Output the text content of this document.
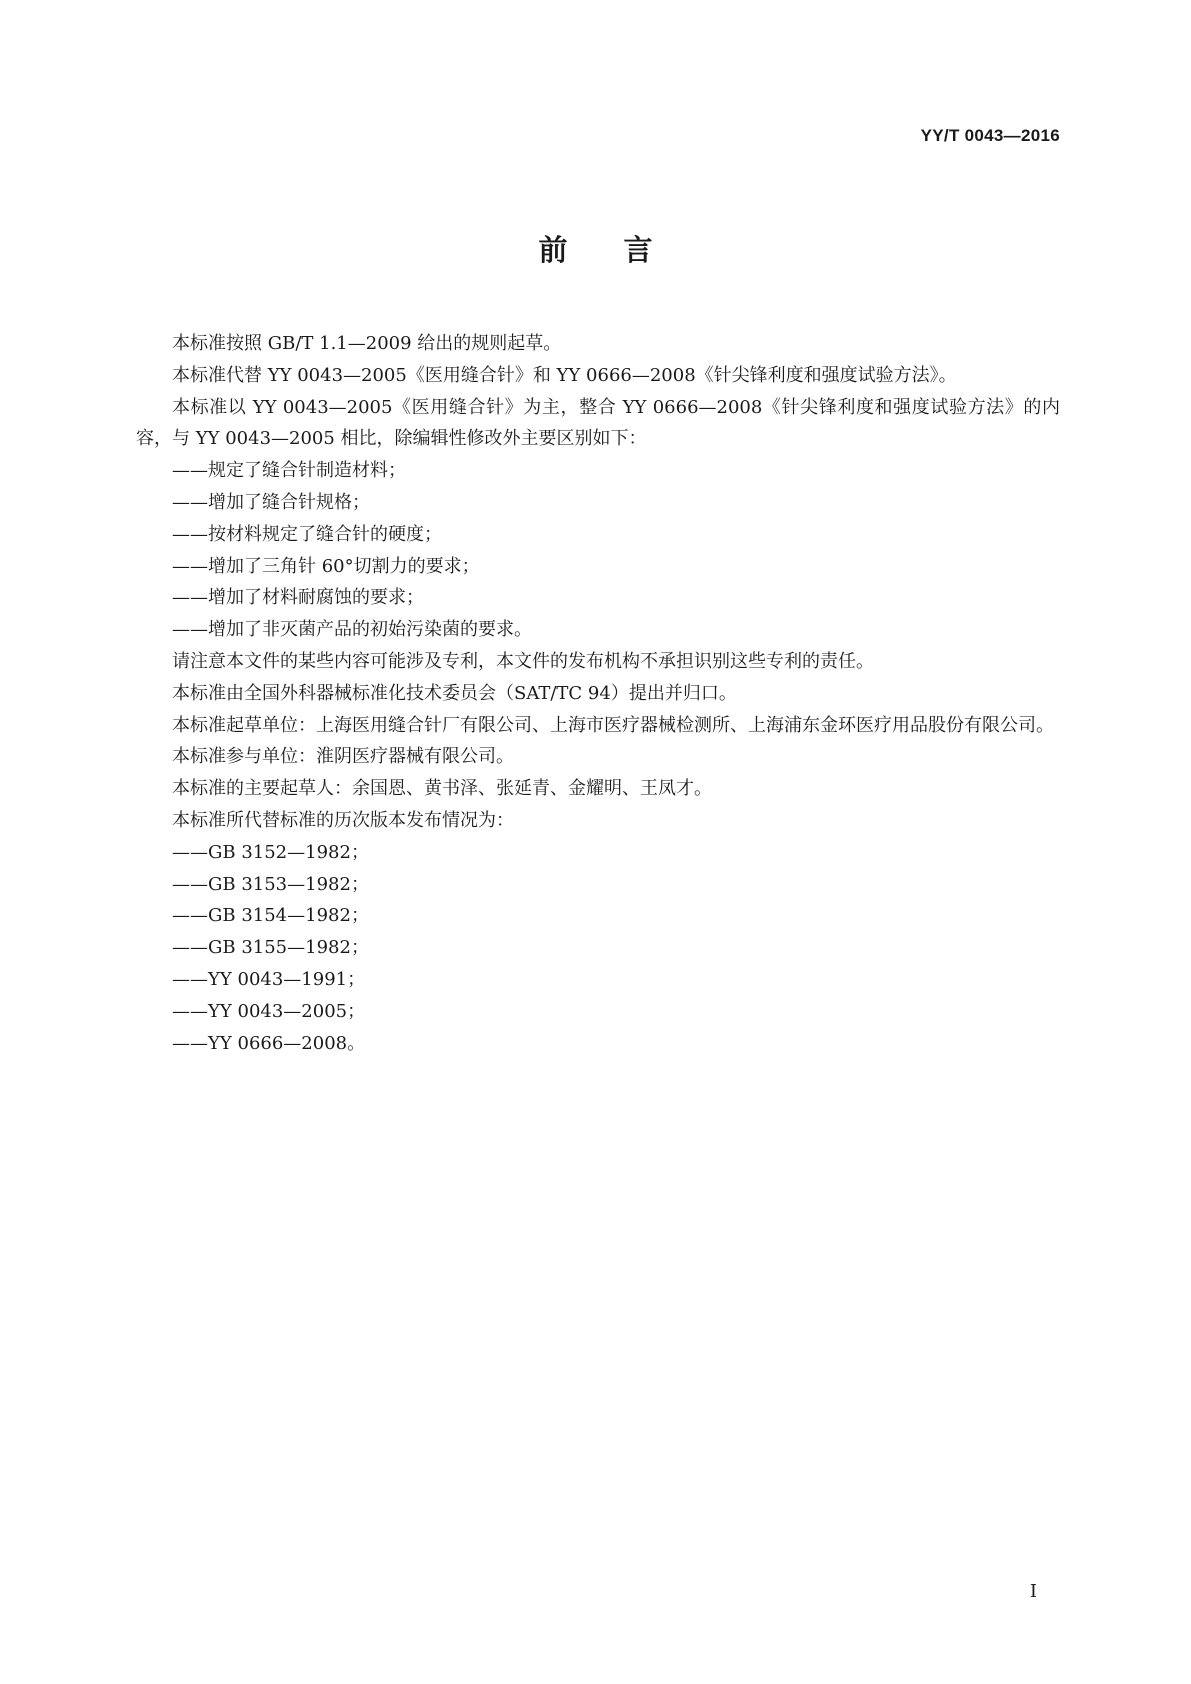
YY/T 0043—2016
前言

本标准按照 GB/T 1.1—2009 给出的规则起草。

本标准代替 YY 0043—2005《医用缝合针》和 YY 0666—2008《针尖锋利度和强度试验方法》。

本标准以 YY 0043—2005《医用缝合针》为主，整合 YY 0666—2008《针尖锋利度和强度试验方法》的内容，与 YY 0043—2005 相比，除编辑性修改外主要区别如下：

——规定了缝合针制造材料；

——增加了缝合针规格；

——按材料规定了缝合针的硬度；

——增加了三角针 60°切割力的要求；

——增加了材料耐腐蚀的要求；

——增加了非灭菌产品的初始污染菌的要求。

请注意本文件的某些内容可能涉及专利，本文件的发布机构不承担识别这些专利的责任。

本标准由全国外科器械标准化技术委员会（SAT/TC 94）提出并归口。

本标准起草单位：上海医用缝合针厂有限公司、上海市医疗器械检测所、上海浦东金环医疗用品股份有限公司。

本标准参与单位：淮阴医疗器械有限公司。

本标准的主要起草人：余国恩、黄书泽、张延青、金耀明、王凤才。

本标准所代替标准的历次版本发布情况为：

——GB 3152—1982；

——GB 3153—1982；

——GB 3154—1982；

——GB 3155—1982；

——YY 0043—1991；

——YY 0043—2005；

——YY 0666—2008。

I
